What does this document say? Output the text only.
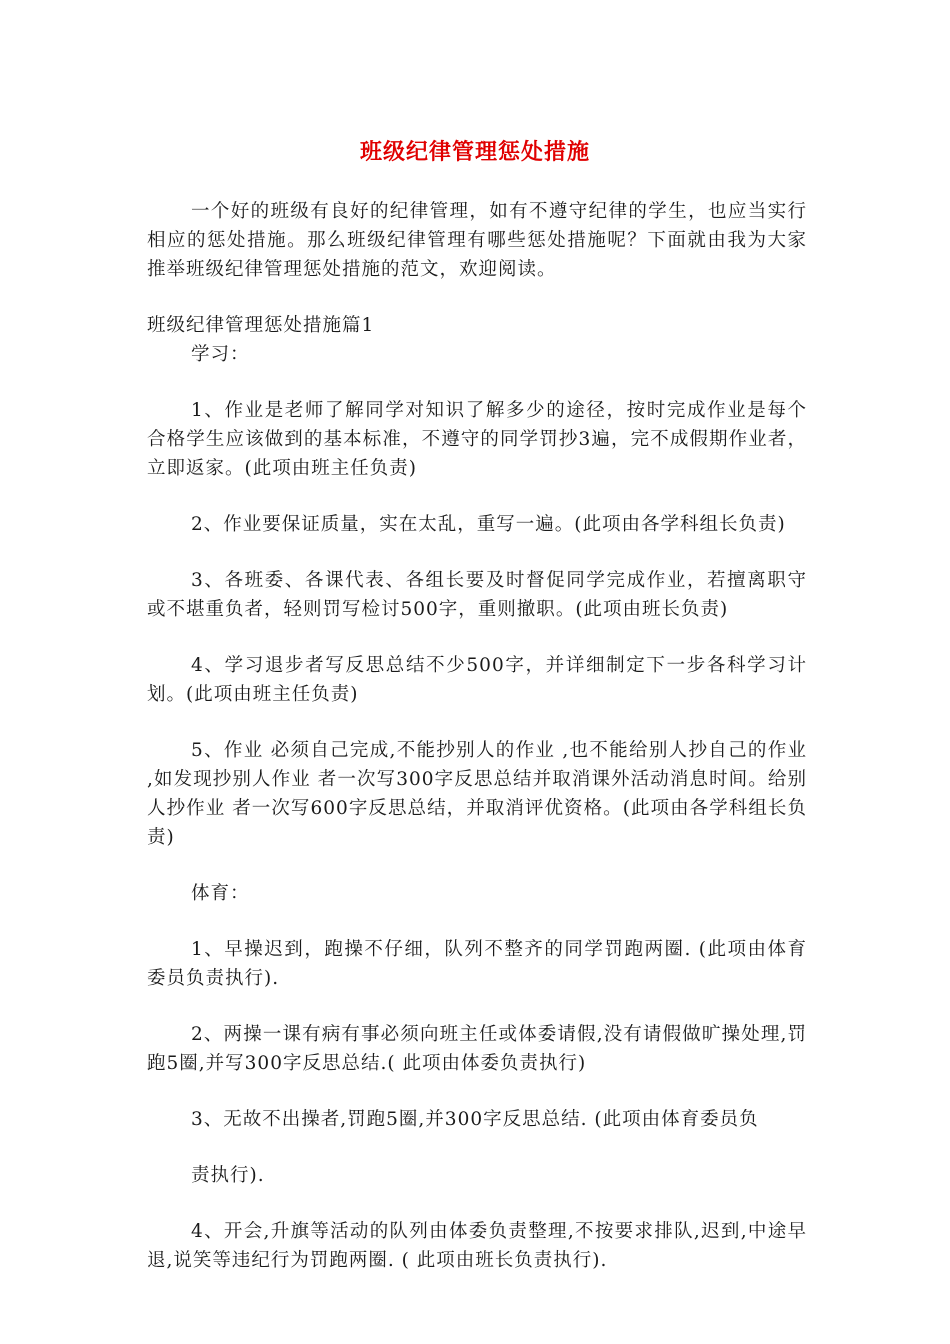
班级纪律管理惩处措施

一个好的班级有良好的纪律管理，如有不遵守纪律的学生，也应当实行相应的惩处措施。那么班级纪律管理有哪些惩处措施呢？下面就由我为大家推举班级纪律管理惩处措施的范文，欢迎阅读。

班级纪律管理惩处措施篇1

学习：

1、作业是老师了解同学对知识了解多少的途径，按时完成作业是每个合格学生应该做到的基本标准，不遵守的同学罚抄3遍，完不成假期作业者，立即返家。(此项由班主任负责)

2、作业要保证质量，实在太乱，重写一遍。(此项由各学科组长负责)

3、各班委、各课代表、各组长要及时督促同学完成作业，若擅离职守或不堪重负者，轻则罚写检讨500字，重则撤职。(此项由班长负责)

4、学习退步者写反思总结不少500字，并详细制定下一步各科学习计划。(此项由班主任负责)

5、作业 必须自己完成,不能抄别人的作业 ,也不能给别人抄自己的作业 ,如发现抄别人作业 者一次写300字反思总结并取消课外活动消息时间。给别人抄作业 者一次写600字反思总结，并取消评优资格。(此项由各学科组长负责)

体育：

1、早操迟到，跑操不仔细，队列不整齐的同学罚跑两圈. (此项由体育委员负责执行).

2、两操一课有病有事必须向班主任或体委请假,没有请假做旷操处理,罚跑5圈,并写300字反思总结.( 此项由体委负责执行)

3、无故不出操者,罚跑5圈,并300字反思总结. (此项由体育委员负

责执行).

4、开会,升旗等活动的队列由体委负责整理,不按要求排队,迟到,中途早退,说笑等违纪行为罚跑两圈. ( 此项由班长负责执行).
